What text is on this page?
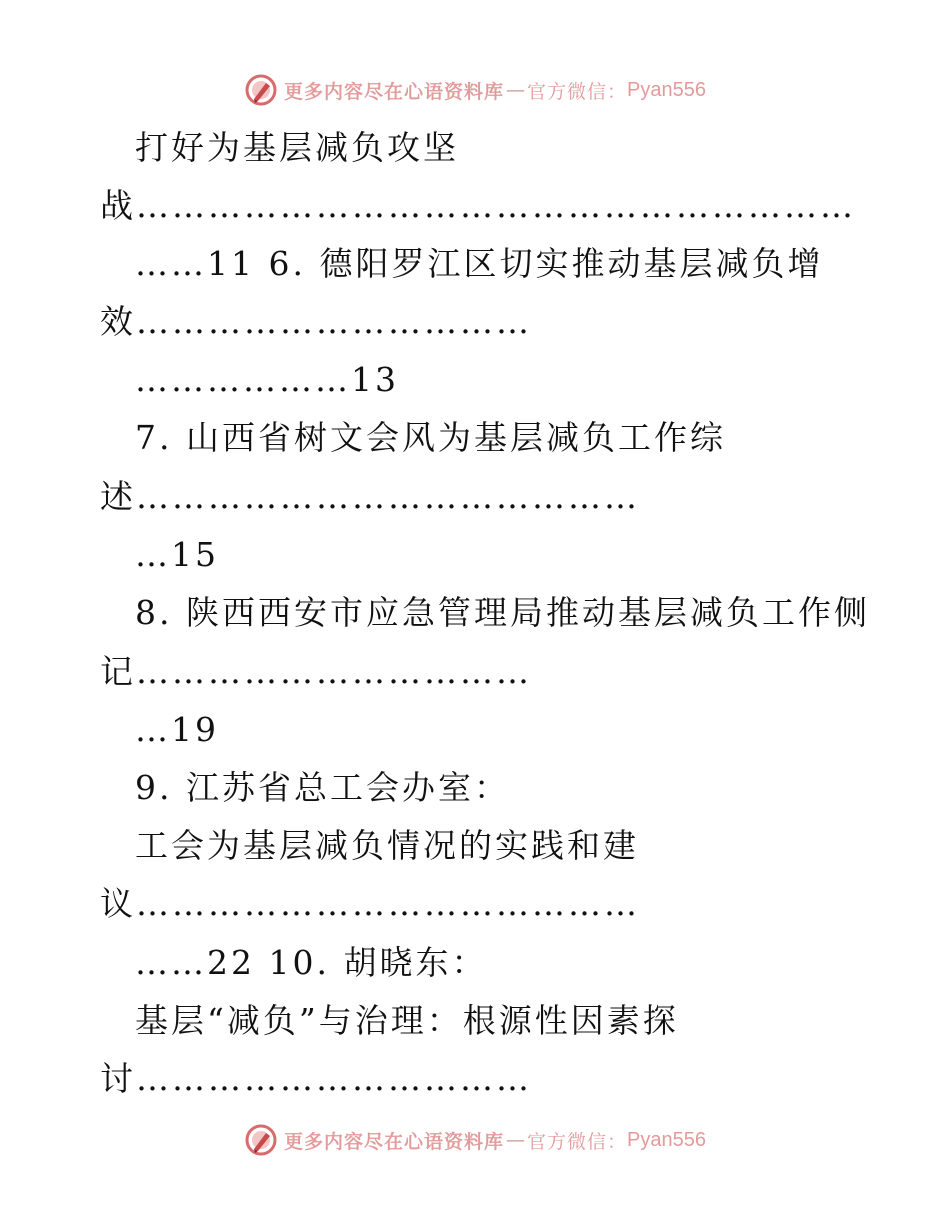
更多内容尽在心语资料库 — 官方微信： Pyan556
打好为基层减负攻坚
战……………………………………………………
……11 6. 德阳罗江区切实推动基层减负增
效……………………………
………………13
7. 山西省树文会风为基层减负工作综
述……………………………………
…15
8. 陕西西安市应急管理局推动基层减负工作侧
记……………………………
…19
9. 江苏省总工会办室：
工会为基层减负情况的实践和建
议……………………………………
……22 10. 胡晓东：
基层“减负”与治理：根源性因素探
讨……………………………
更多内容尽在心语资料库 — 官方微信： Pyan556
